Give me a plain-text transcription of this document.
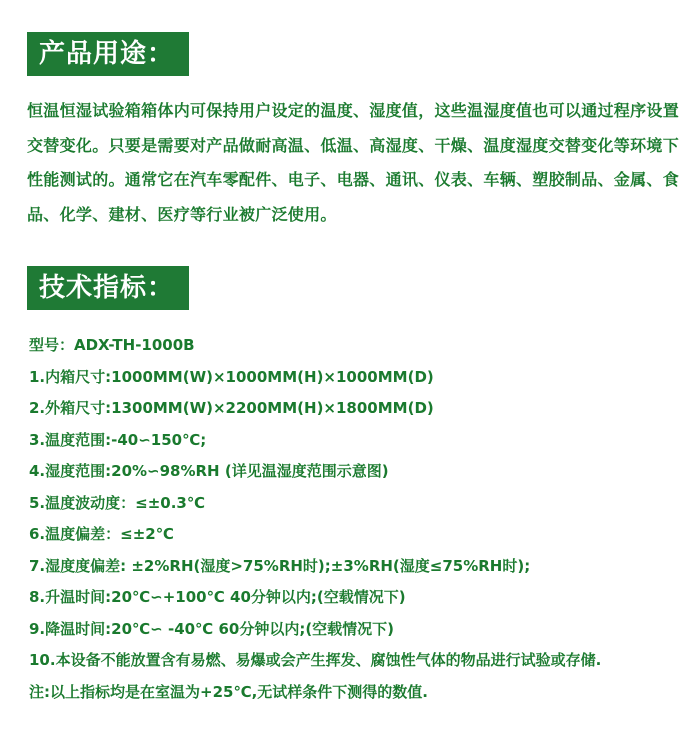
产品用途：
恒温恒湿试验箱箱体内可保持用户设定的温度、湿度值，这些温湿度值也可以通过程序设置交替变化。只要是需要对产品做耐高温、低温、高湿度、干燥、温度湿度交替变化等环境下性能测试的。通常它在汽车零配件、电子、电器、通讯、仪表、车辆、塑胶制品、金属、食品、化学、建材、医疗等行业被广泛使用。
技术指标：
型号：ADX-TH-1000B
1.内箱尺寸:1000MM(W)×1000MM(H)×1000MM(D)
2.外箱尺寸:1300MM(W)×2200MM(H)×1800MM(D)
3.温度范围:-40∽150℃;
4.湿度范围:20%∽98%RH (详见温湿度范围示意图)
5.温度波动度：≤±0.3℃
6.温度偏差：≤±2℃
7.湿度度偏差: ±2%RH(湿度>75%RH时);±3%RH(湿度≤75%RH时);
8.升温时间:20℃∽+100℃ 40分钟以内;(空载情况下)
9.降温时间:20℃∽ -40℃ 60分钟以内;(空载情况下)
10.本设备不能放置含有易燃、易爆或会产生挥发、腐蚀性气体的物品进行试验或存储.
注:以上指标均是在室温为+25℃,无试样条件下测得的数值.
